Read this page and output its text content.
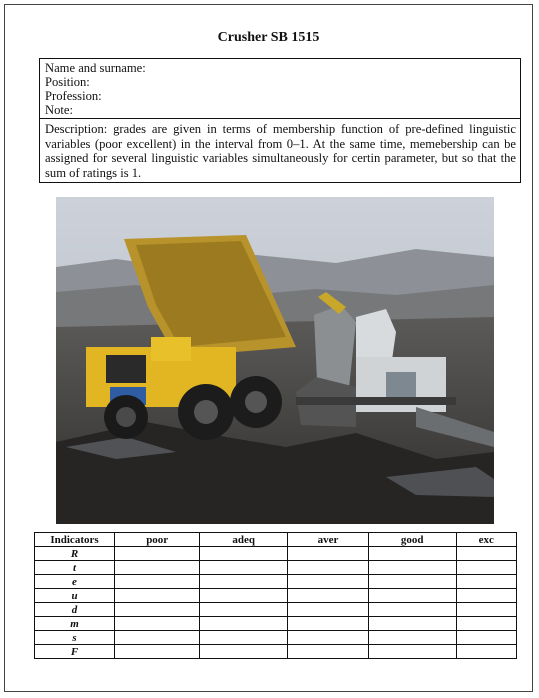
Crusher SB 1515
Name and surname:
Position:
Profession:
Note:
Description: grades are given in terms of membership function of pre-defined linguistic variables (poor excellent) in the interval from 0–1. At the same time, memebership can be assigned for several linguistic variables simultaneously for certin parameter, but so that the sum of ratings is 1.
Indicators	poor	adeq	aver	good	exc
R					
t					
e					
u					
d					
m					
s					
F					
